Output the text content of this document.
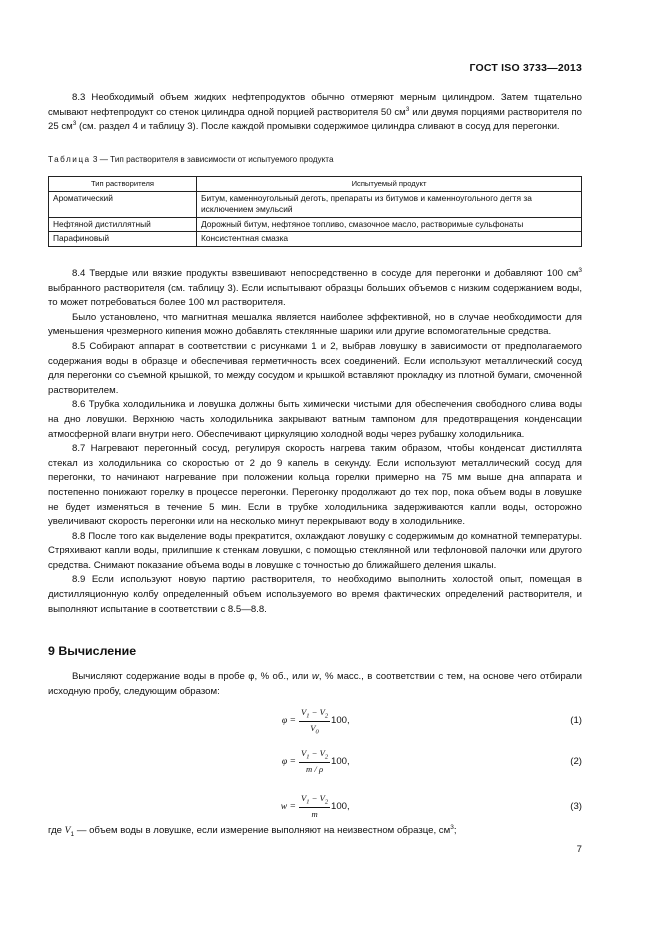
ГОСТ ISO 3733—2013

8.3 Необходимый объем жидких нефтепродуктов обычно отмеряют мерным цилиндром. Затем тщательно смывают нефтепродукт со стенок цилиндра одной порцией растворителя 50 $см^3$ или двумя порциями растворителя по 25 $см^3$ (см. раздел 4 и таблицу 3). После каждой промывки содержимое цилиндра сливают в сосуд для перегонки.

Таблица 3 — Тип растворителя в зависимости от испытуемого продукта
Тип растворителя	Испытуемый продукт
Ароматический	Битум, каменноугольный деготь, препараты из битумов и каменноугольного дегтя за исключением эмульсий
Нефтяной дистиллятный	Дорожный битум, нефтяное топливо, смазочное масло, растворимые сульфонаты
Парафиновый	Консистентная смазка

8.4 Твердые или вязкие продукты взвешивают непосредственно в сосуде для перегонки и добавляют 100 $см^3$ выбранного растворителя (см. таблицу 3). Если испытывают образцы больших объемов с низким содержанием воды, то может потребоваться более 100 мл растворителя.

Было установлено, что магнитная мешалка является наиболее эффективной, но в случае необходимости для уменьшения чрезмерного кипения можно добавлять стеклянные шарики или другие вспомогательные средства.

8.5 Собирают аппарат в соответствии с рисунками 1 и 2, выбрав ловушку в зависимости от предполагаемого содержания воды в образце и обеспечивая герметичность всех соединений. Если используют металлический сосуд для перегонки со съемной крышкой, то между сосудом и крышкой вставляют прокладку из плотной бумаги, смоченной растворителем.

8.6 Трубка холодильника и ловушка должны быть химически чистыми для обеспечения свободного слива воды на дно ловушки. Верхнюю часть холодильника закрывают ватным тампоном для предотвращения конденсации атмосферной влаги внутри него. Обеспечивают циркуляцию холодной воды через рубашку холодильника.

8.7 Нагревают перегонный сосуд, регулируя скорость нагрева таким образом, чтобы конденсат дистиллята стекал из холодильника со скоростью от 2 до 9 капель в секунду. Если используют металлический сосуд для перегонки, то начинают нагревание при положении кольца горелки примерно на 75 мм выше дна аппарата и постепенно понижают горелку в процессе перегонки. Перегонку продолжают до тех пор, пока объем воды в ловушке не будет изменяться в течение 5 мин. Если в трубке холодильника задерживаются капли воды, осторожно увеличивают скорость перегонки или на несколько минут перекрывают воду в холодильнике.

8.8 После того как выделение воды прекратится, охлаждают ловушку с содержимым до комнатной температуры. Стряхивают капли воды, прилипшие к стенкам ловушки, с помощью стеклянной или тефлоновой палочки или другого средства. Снимают показание объема воды в ловушке с точностью до ближайшего деления шкалы.

8.9 Если используют новую партию растворителя, то необходимо выполнить холостой опыт, помещая в дистилляционную колбу определенный объем используемого во время фактических определений растворителя, и выполняют испытание в соответствии с 8.5—8.8.

9 Вычисление

Вычисляют содержание воды в пробе φ, % об., или w, % масс., в соответствии с тем, на основе чего отбирали исходную пробу, следующим образом:

$\varphi = \frac{V_1 - V_2}{V_0} 100$,	(1)
$\varphi = \frac{V_1 - V_2}{m / \rho} 100$,	(2)
$w = \frac{V_1 - V_2}{m} 100$,	(3)
где $V_1$ — объем воды в ловушке, если измерение выполняют на неизвестном образце, $см^3$;
7
